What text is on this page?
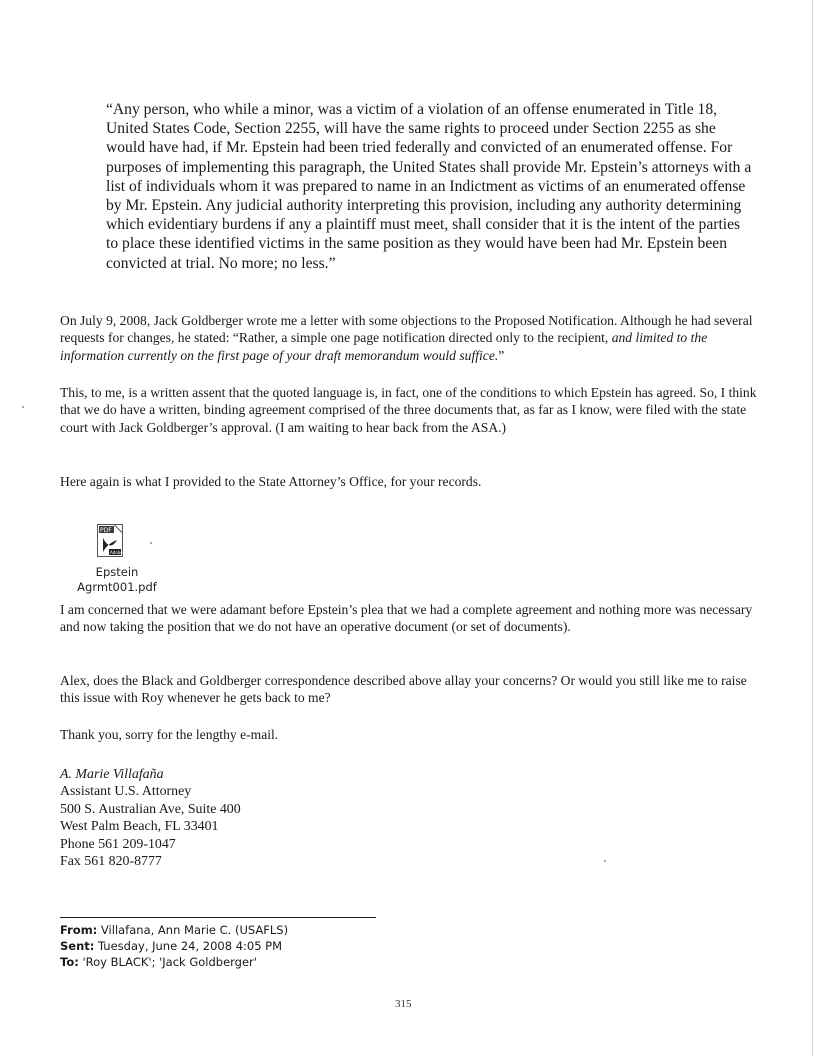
“Any person, who while a minor, was a victim of a violation of an offense enumerated in Title 18, United States Code, Section 2255, will have the same rights to proceed under Section 2255 as she would have had, if Mr. Epstein had been tried federally and convicted of an enumerated offense. For purposes of implementing this paragraph, the United States shall provide Mr. Epstein’s attorneys with a list of individuals whom it was prepared to name in an Indictment as victims of an enumerated offense by Mr. Epstein. Any judicial authority interpreting this provision, including any authority determining which evidentiary burdens if any a plaintiff must meet, shall consider that it is the intent of the parties to place these identified victims in the same position as they would have been had Mr. Epstein been convicted at trial. No more; no less.”

On July 9, 2008, Jack Goldberger wrote me a letter with some objections to the Proposed Notification. Although he had several requests for changes, he stated: “Rather, a simple one page notification directed only to the recipient, and limited to the information currently on the first page of your draft memorandum would suffice.”

This, to me, is a written assent that the quoted language is, in fact, one of the conditions to which Epstein has agreed. So, I think that we do have a written, binding agreement comprised of the three documents that, as far as I know, were filed with the state court with Jack Goldberger’s approval. (I am waiting to hear back from the ASA.)

Here again is what I provided to the State Attorney’s Office, for your records.

PDF
Adobe
Epstein
Agrmt001.pdf

I am concerned that we were adamant before Epstein’s plea that we had a complete agreement and nothing more was necessary and now taking the position that we do not have an operative document (or set of documents).

Alex, does the Black and Goldberger correspondence described above allay your concerns? Or would you still like me to raise this issue with Roy whenever he gets back to me?

Thank you, sorry for the lengthy e-mail.

A. Marie Villafaña
Assistant U.S. Attorney
500 S. Australian Ave, Suite 400
West Palm Beach, FL 33401
Phone 561 209-1047
Fax 561 820-8777
From: Villafana, Ann Marie C. (USAFLS)
Sent: Tuesday, June 24, 2008 4:05 PM
To: 'Roy BLACK'; 'Jack Goldberger'
315
